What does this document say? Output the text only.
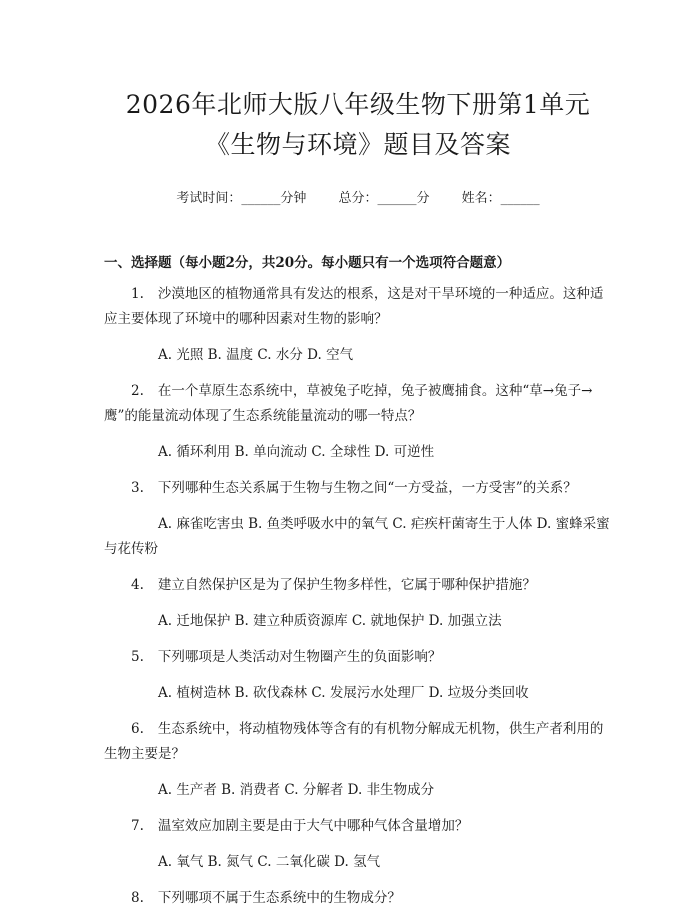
2026年北师大版八年级生物下册第1单元
《生物与环境》题目及答案
考试时间：______分钟 总分：______分 姓名：______
一、选择题（每小题2分，共20分。每小题只有一个选项符合题意）
1. 沙漠地区的植物通常具有发达的根系，这是对干旱环境的一种适应。这种适应主要体现了环境中的哪种因素对生物的影响？
A. 光照 B. 温度 C. 水分 D. 空气
2. 在一个草原生态系统中，草被兔子吃掉，兔子被鹰捕食。这种“草→兔子→鹰”的能量流动体现了生态系统能量流动的哪一特点？
A. 循环利用 B. 单向流动 C. 全球性 D. 可逆性
3. 下列哪种生态关系属于生物与生物之间“一方受益，一方受害”的关系？
A. 麻雀吃害虫 B. 鱼类呼吸水中的氧气 C. 疟疾杆菌寄生于人体 D. 蜜蜂采蜜与花传粉
4. 建立自然保护区是为了保护生物多样性，它属于哪种保护措施？
A. 迁地保护 B. 建立种质资源库 C. 就地保护 D. 加强立法
5. 下列哪项是人类活动对生物圈产生的负面影响？
A. 植树造林 B. 砍伐森林 C. 发展污水处理厂 D. 垃圾分类回收
6. 生态系统中，将动植物残体等含有的有机物分解成无机物，供生产者利用的生物主要是？
A. 生产者 B. 消费者 C. 分解者 D. 非生物成分
7. 温室效应加剧主要是由于大气中哪种气体含量增加？
A. 氧气 B. 氮气 C. 二氧化碳 D. 氢气
8. 下列哪项不属于生态系统中的生物成分？
